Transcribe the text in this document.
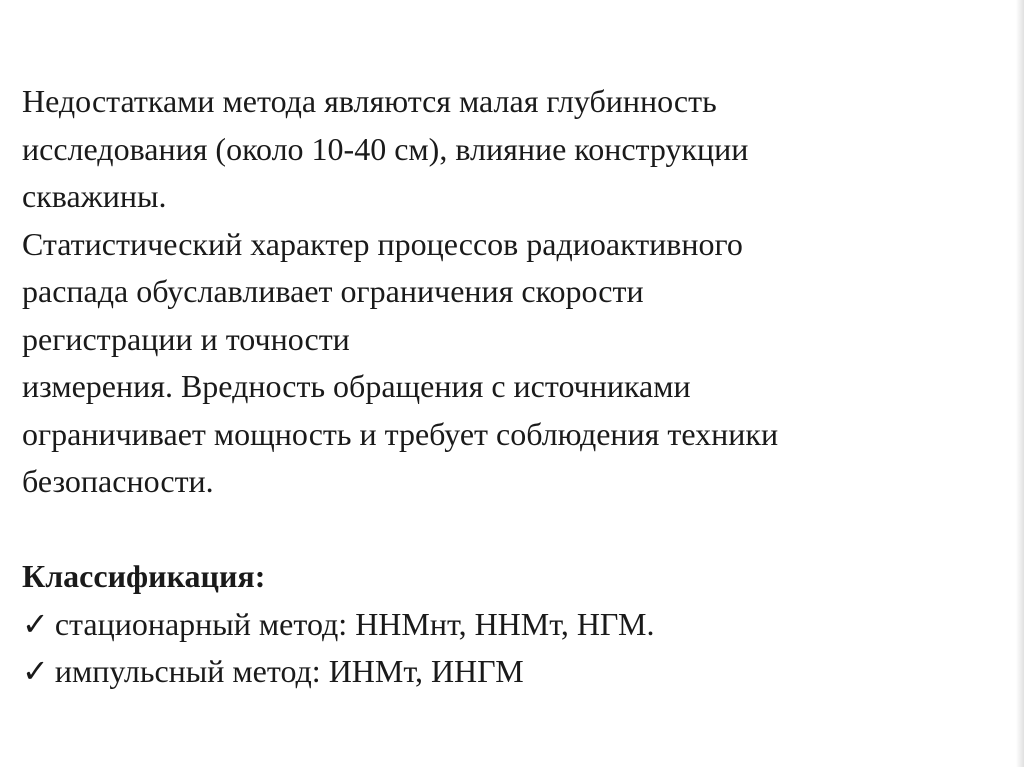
Недостатками метода являются малая глубинность
исследования (около 10-40 см), влияние конструкции
скважины.
Статистический характер процессов радиоактивного
распада обуславливает ограничения скорости
регистрации и точности
измерения. Вредность обращения с источниками
ограничивает мощность и требует соблюдения техники
безопасности.
Классификация:
✓ стационарный метод: ННМнт, ННМт, НГМ.
✓ импульсный метод: ИНМт, ИНГМ
